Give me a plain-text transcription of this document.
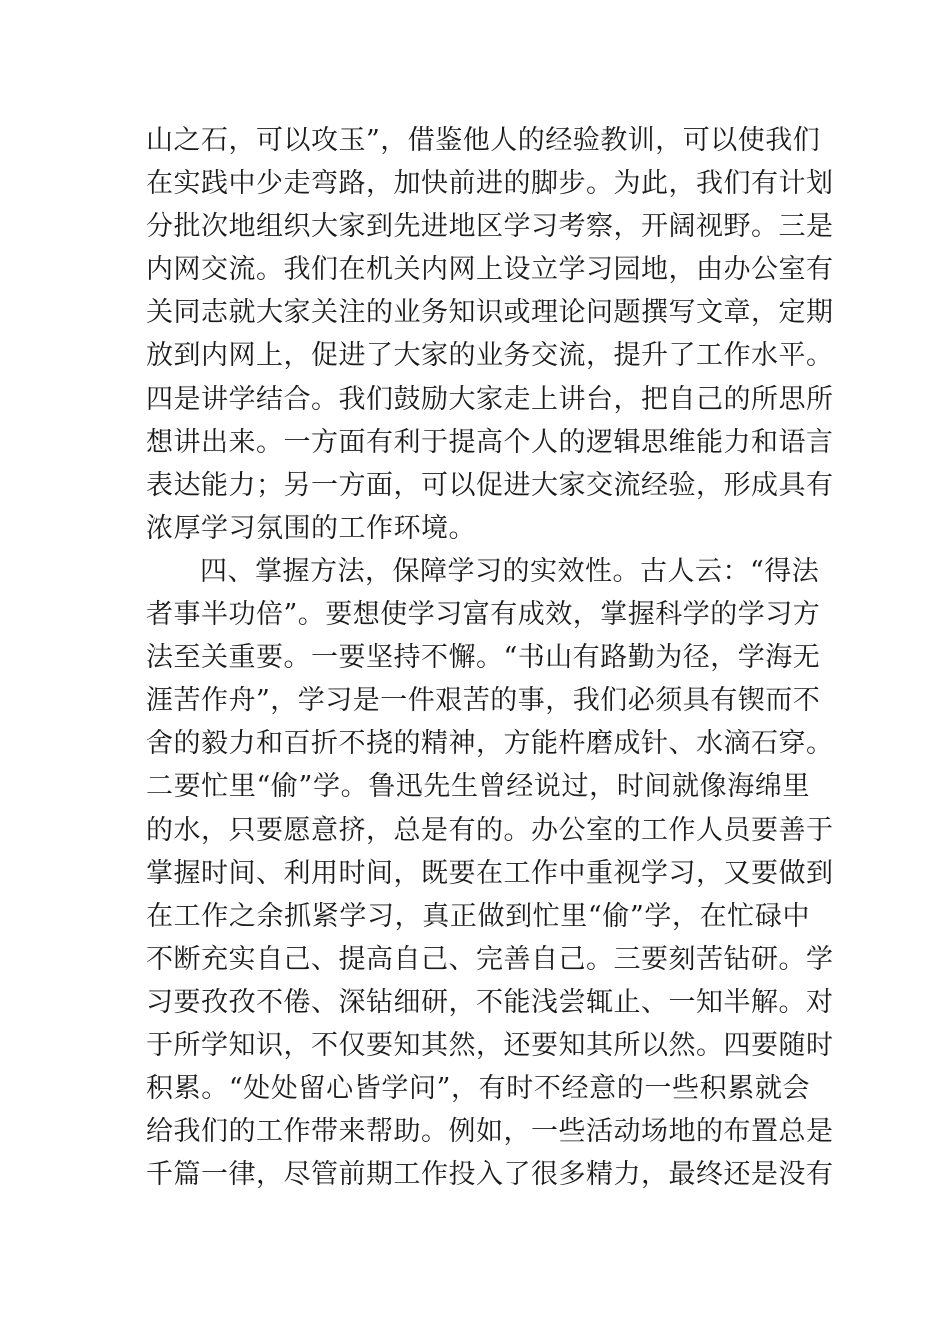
山之石，可以攻玉”，借鉴他人的经验教训，可以使我们
在实践中少走弯路，加快前进的脚步。为此，我们有计划
分批次地组织大家到先进地区学习考察，开阔视野。三是
内网交流。我们在机关内网上设立学习园地，由办公室有
关同志就大家关注的业务知识或理论问题撰写文章，定期
放到内网上，促进了大家的业务交流，提升了工作水平。
四是讲学结合。我们鼓励大家走上讲台，把自己的所思所
想讲出来。一方面有利于提高个人的逻辑思维能力和语言
表达能力；另一方面，可以促进大家交流经验，形成具有
浓厚学习氛围的工作环境。
四、掌握方法，保障学习的实效性。古人云：“得法
者事半功倍”。要想使学习富有成效，掌握科学的学习方
法至关重要。一要坚持不懈。“书山有路勤为径，学海无
涯苦作舟”，学习是一件艰苦的事，我们必须具有锲而不
舍的毅力和百折不挠的精神，方能杵磨成针、水滴石穿。
二要忙里“偷”学。鲁迅先生曾经说过，时间就像海绵里
的水，只要愿意挤，总是有的。办公室的工作人员要善于
掌握时间、利用时间，既要在工作中重视学习，又要做到
在工作之余抓紧学习，真正做到忙里“偷”学，在忙碌中
不断充实自己、提高自己、完善自己。三要刻苦钻研。学
习要孜孜不倦、深钻细研，不能浅尝辄止、一知半解。对
于所学知识，不仅要知其然，还要知其所以然。四要随时
积累。“处处留心皆学问”，有时不经意的一些积累就会
给我们的工作带来帮助。例如，一些活动场地的布置总是
千篇一律，尽管前期工作投入了很多精力，最终还是没有
